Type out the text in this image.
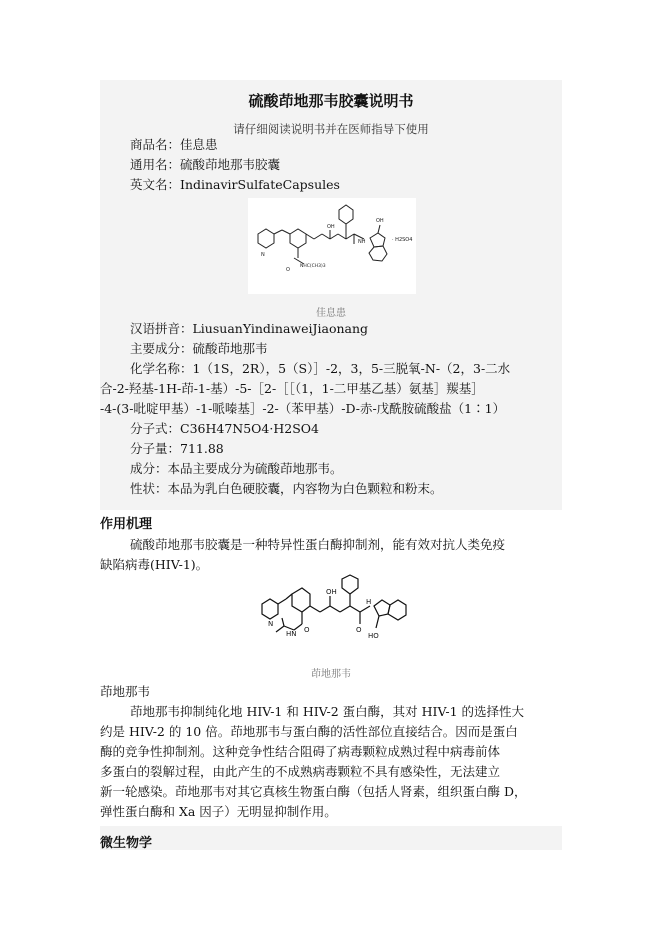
硫酸茚地那韦胶囊说明书
请仔细阅读说明书并在医师指导下使用
商品名：佳息患
通用名：硫酸茚地那韦胶囊
英文名：IndinavirSulfateCapsules
N
O
NHC(CH3)3
OH
NH
OH
· H2SO4
佳息患
汉语拼音：LiusuanYindinaweiJiaonang
主要成分：硫酸茚地那韦
化学名称：1（1S，2R），5（S）］-2，3，5-三脱氧-N-（2，3-二水
合-2-羟基-1H-茚-1-基）-5-［2-［［（1，1-二甲基乙基）氨基］羰基］
-4-(3-吡啶甲基）-1-哌嗪基］-2-（苯甲基）-D-赤-戊酰胺硫酸盐（1∶1）
分子式：C36H47N5O4·H2SO4
分子量：711.88
成分：本品主要成分为硫酸茚地那韦。
性状：本品为乳白色硬胶囊，内容物为白色颗粒和粉末。
作用机理
硫酸茚地那韦胶囊是一种特异性蛋白酶抑制剂，能有效对抗人类免疫
缺陷病毒(HIV-1)。
N
HN O
OH
O
H
HO
茚地那韦
茚地那韦
茚地那韦抑制纯化地 HIV-1 和 HIV-2 蛋白酶，其对 HIV-1 的选择性大
约是 HIV-2 的 10 倍。茚地那韦与蛋白酶的活性部位直接结合。因而是蛋白
酶的竞争性抑制剂。这种竞争性结合阻碍了病毒颗粒成熟过程中病毒前体
多蛋白的裂解过程，由此产生的不成熟病毒颗粒不具有感染性，无法建立
新一轮感染。茚地那韦对其它真核生物蛋白酶（包括人肾素，组织蛋白酶 D，
弹性蛋白酶和 Xa 因子）无明显抑制作用。
微生物学
